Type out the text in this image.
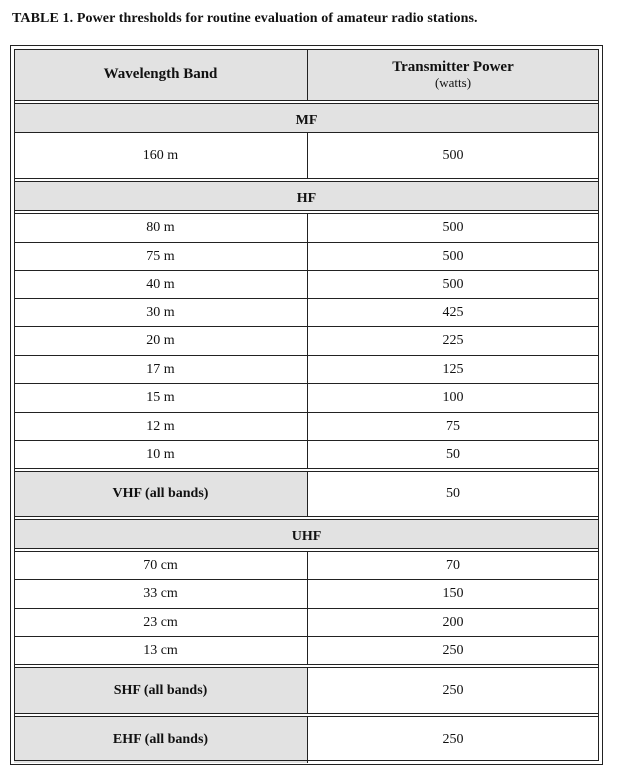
TABLE 1. Power thresholds for routine evaluation of amateur radio stations.
Wavelength Band	Transmitter Power
(watts)
MF
160 m	500
HF
80 m	500
75 m	500
40 m	500
30 m	425
20 m	225
17 m	125
15 m	100
12 m	75
10 m	50
VHF (all bands)	50
UHF
70 cm	70
33 cm	150
23 cm	200
13 cm	250
SHF (all bands)	250
EHF (all bands)	250
